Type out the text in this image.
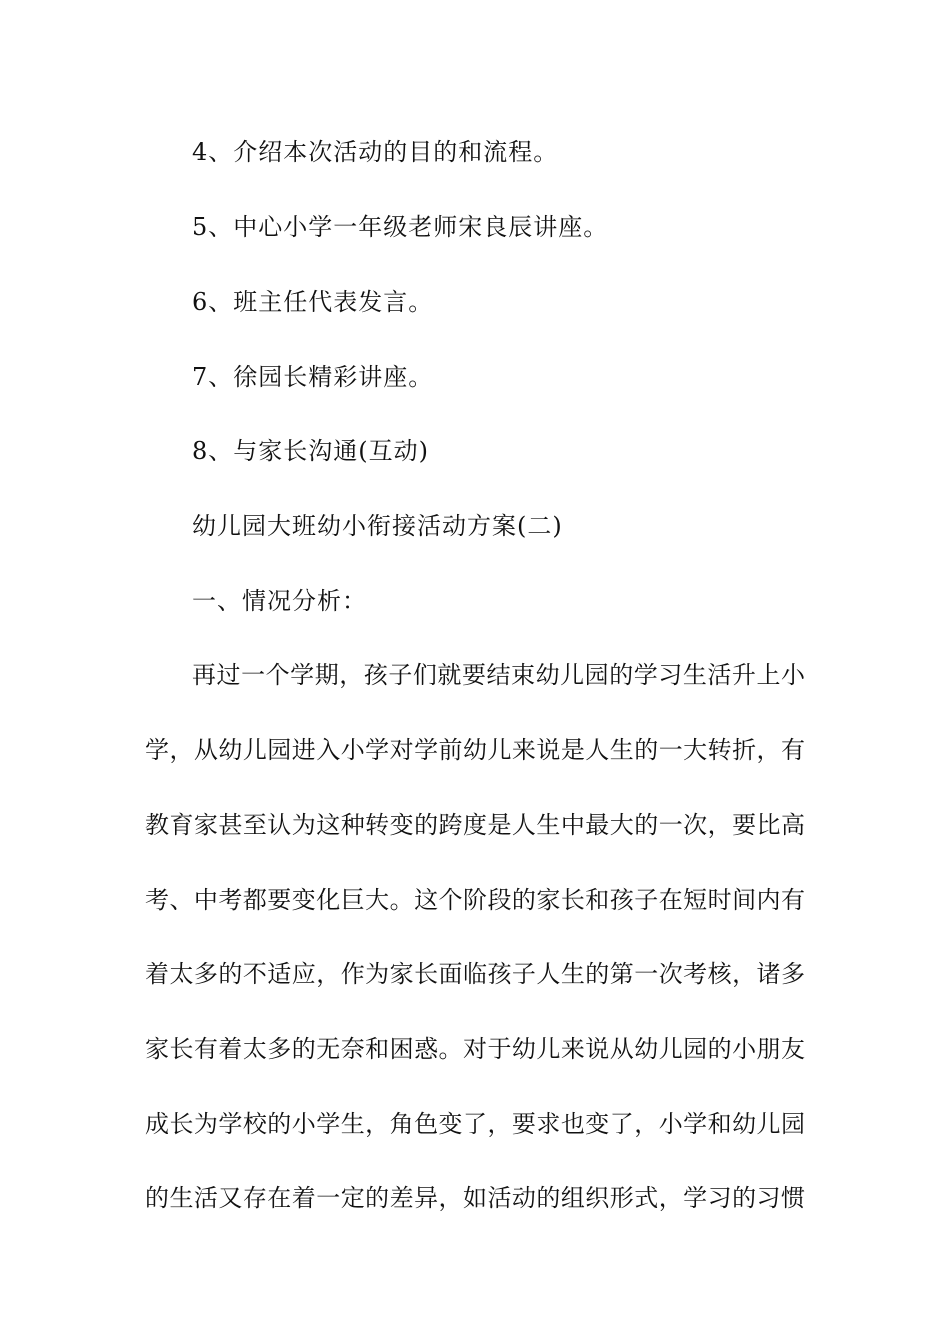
4、介绍本次活动的目的和流程。
5、中心小学一年级老师宋良辰讲座。
6、班主任代表发言。
7、徐园长精彩讲座。
8、与家长沟通(互动)
幼儿园大班幼小衔接活动方案(二)
一、情况分析：
再过一个学期，孩子们就要结束幼儿园的学习生活升上小
学，从幼儿园进入小学对学前幼儿来说是人生的一大转折，有
教育家甚至认为这种转变的跨度是人生中最大的一次，要比高
考、中考都要变化巨大。这个阶段的家长和孩子在短时间内有
着太多的不适应，作为家长面临孩子人生的第一次考核，诸多
家长有着太多的无奈和困惑。对于幼儿来说从幼儿园的小朋友
成长为学校的小学生，角色变了，要求也变了，小学和幼儿园
的生活又存在着一定的差异，如活动的组织形式，学习的习惯
